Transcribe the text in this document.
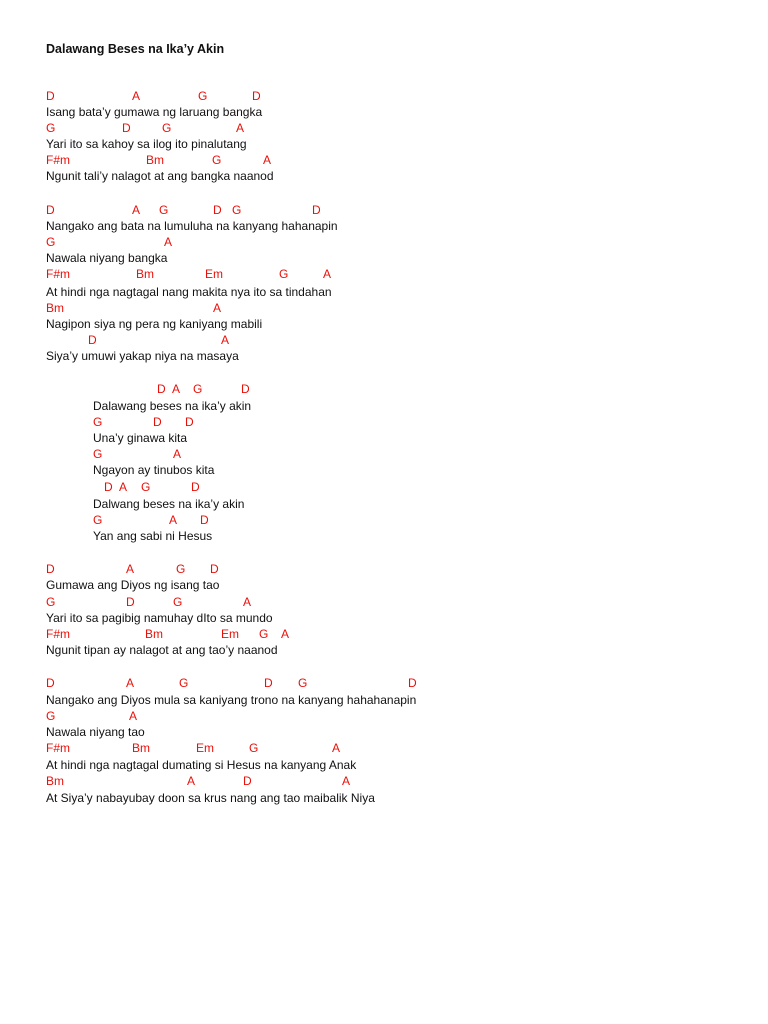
Dalawang Beses na Ika’y Akin
D	A	G	D
Isang bata’y gumawa ng laruang bangka
G	D	G	A
Yari ito sa kahoy sa ilog ito pinalutang
F#m	Bm	G	A
Ngunit tali’y nalagot at ang bangka naanod
D	A G	D G	D
Nangako ang bata na lumuluha na kanyang hahanapin
G	A
Nawala niyang bangka
F#m	Bm	Em	G	A
At hindi nga nagtagal nang makita nya ito sa tindahan
Bm	A
Nagipon siya ng pera ng kaniyang mabili
D	A
Siya’y umuwi yakap niya na masaya
D A G	D
Dalawang beses na ika’y akin
G	D D
Una’y ginawa kita
G	A
Ngayon ay tinubos kita
D A G	D
Dalwang beses na ika’y akin
G	A D
Yan ang sabi ni Hesus
D	A	G D
Gumawa ang Diyos ng isang tao
G	D	G	A
Yari ito sa pagibig namuhay dIto sa mundo
F#m	Bm	Em G A
Ngunit tipan ay nalagot at ang tao’y naanod
D	A	G	D G	D
Nangako ang Diyos mula sa kaniyang trono na kanyang hahahanapin
G	A
Nawala niyang tao
F#m	Bm	Em	G	A
At hindi nga nagtagal dumating si Hesus na kanyang Anak
Bm	A	D	A
At Siya’y nabayubay doon sa krus nang ang tao maibalik Niya
